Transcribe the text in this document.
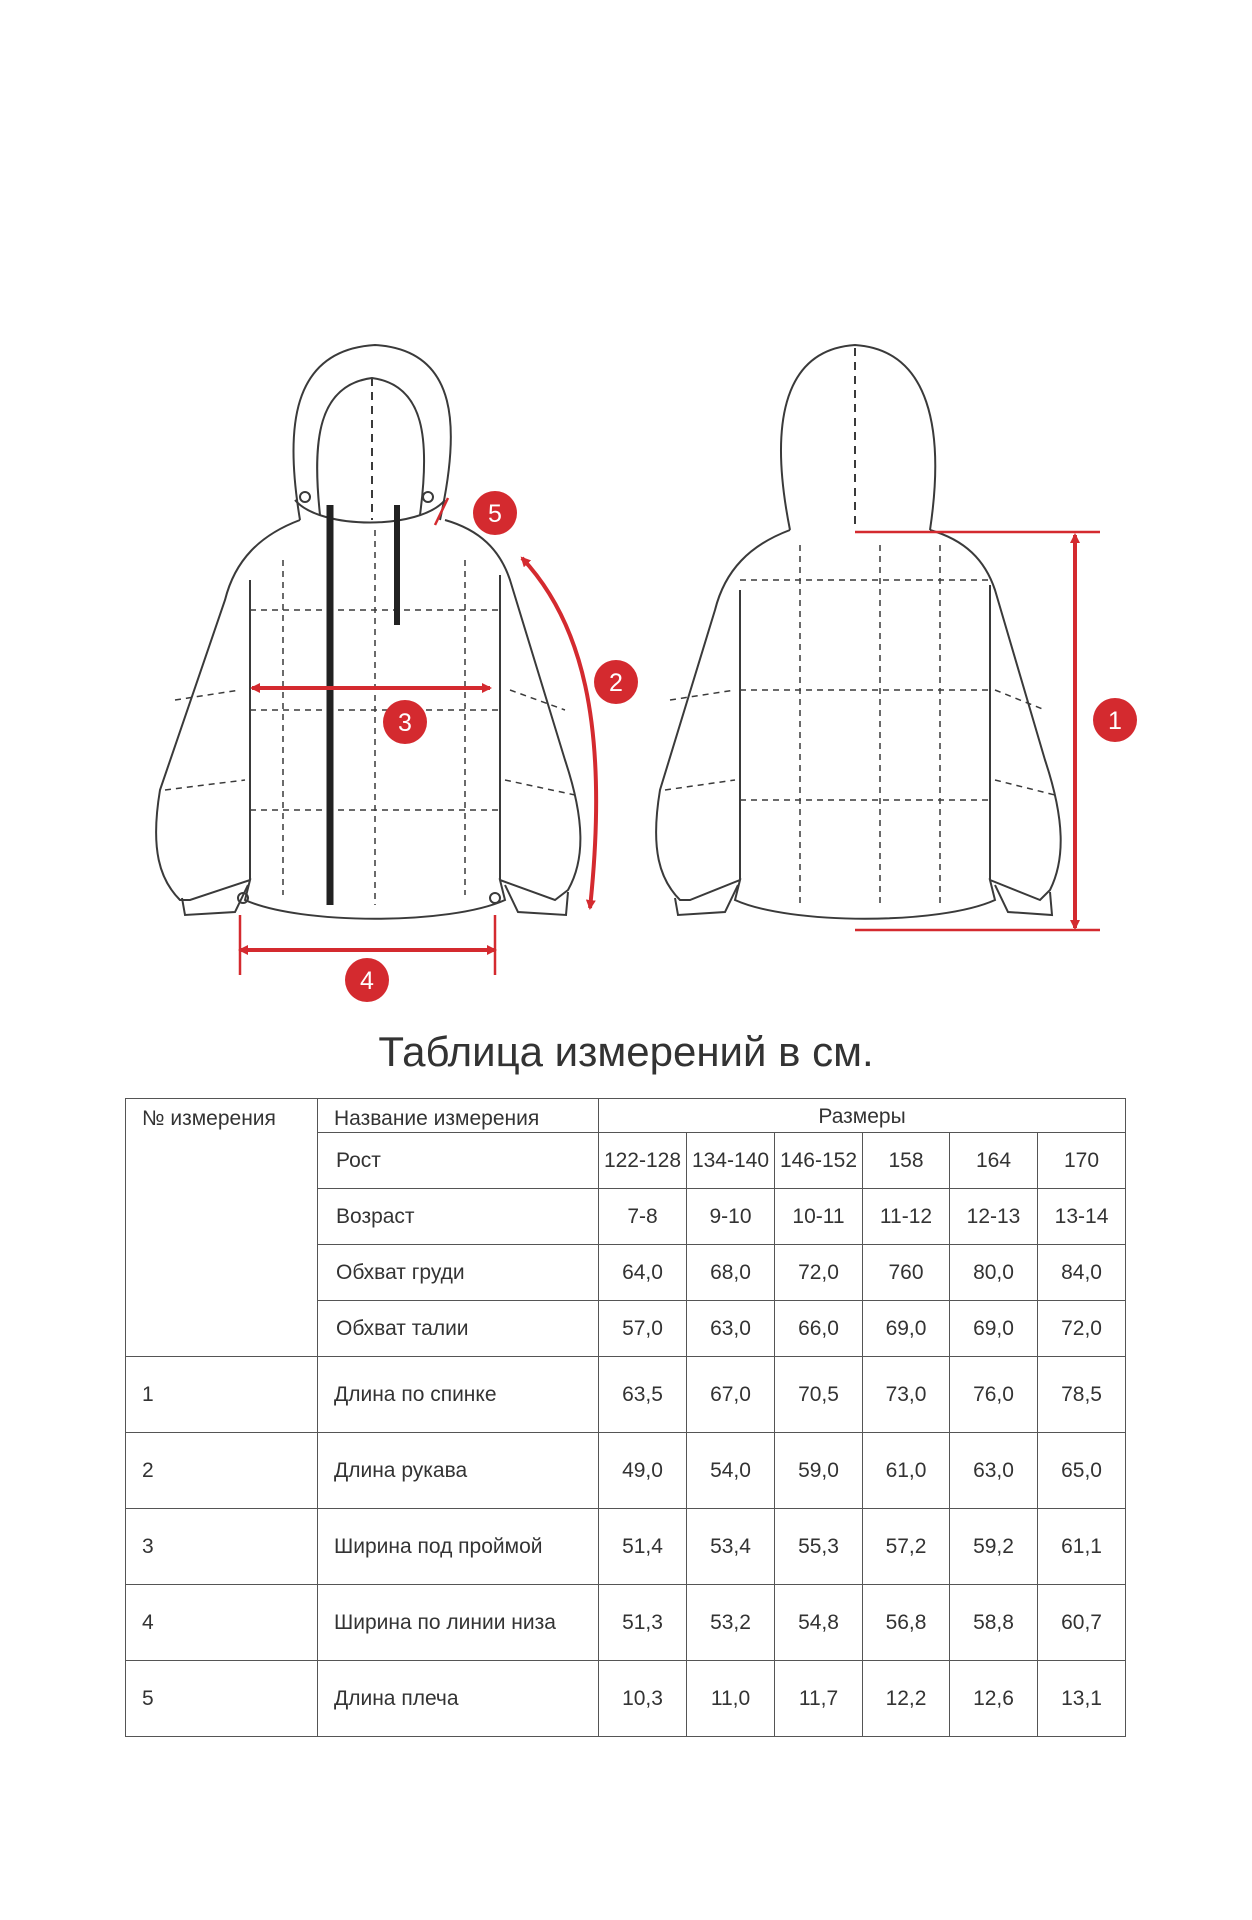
1
2
3
4
5
Таблица измерений в см.
№ измерения	Название измерения	Размеры					
	Рост	122-128	134-140	146-152	158	164	170
	Возраст	7-8	9-10	10-11	11-12	12-13	13-14
	Обхват груди	64,0	68,0	72,0	760	80,0	84,0
	Обхват талии	57,0	63,0	66,0	69,0	69,0	72,0
1	Длина по спинке	63,5	67,0	70,5	73,0	76,0	78,5
2	Длина рукава	49,0	54,0	59,0	61,0	63,0	65,0
3	Ширина под проймой	51,4	53,4	55,3	57,2	59,2	61,1
4	Ширина по линии низа	51,3	53,2	54,8	56,8	58,8	60,7
5	Длина плеча	10,3	11,0	11,7	12,2	12,6	13,1
